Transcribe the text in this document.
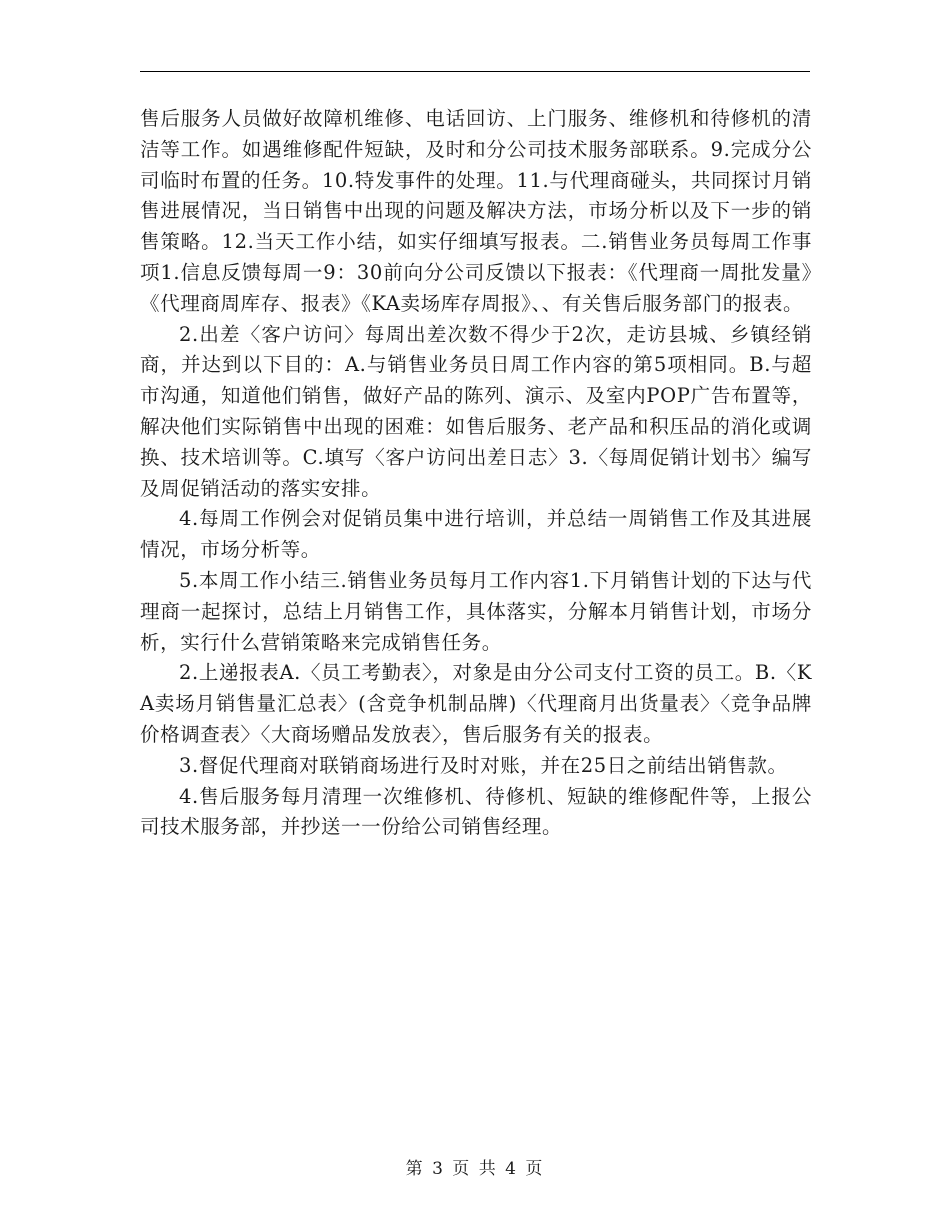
售后服务人员做好故障机维修、电话回访、上门服务、维修机和待修机的清洁等工作。如遇维修配件短缺，及时和分公司技术服务部联系。9.完成分公司临时布置的任务。10.特发事件的处理。11.与代理商碰头，共同探讨月销售进展情况，当日销售中出现的问题及解决方法，市场分析以及下一步的销售策略。12.当天工作小结，如实仔细填写报表。二.销售业务员每周工作事项1.信息反馈每周一9：30前向分公司反馈以下报表：《代理商一周批发量》《代理商周库存、报表》《KA卖场库存周报》、、有关售后服务部门的报表。

2.出差〈客户访问〉每周出差次数不得少于2次，走访县城、乡镇经销商，并达到以下目的：A.与销售业务员日周工作内容的第5项相同。B.与超市沟通，知道他们销售，做好产品的陈列、演示、及室内POP广告布置等，解决他们实际销售中出现的困难：如售后服务、老产品和积压品的消化或调换、技术培训等。C.填写〈客户访问出差日志〉3.〈每周促销计划书〉编写及周促销活动的落实安排。

4.每周工作例会对促销员集中进行培训，并总结一周销售工作及其进展情况，市场分析等。

5.本周工作小结三.销售业务员每月工作内容1.下月销售计划的下达与代理商一起探讨，总结上月销售工作，具体落实，分解本月销售计划，市场分析，实行什么营销策略来完成销售任务。

2.上递报表A.〈员工考勤表〉，对象是由分公司支付工资的员工。B.〈KA卖场月销售量汇总表〉(含竞争机制品牌)〈代理商月出货量表〉〈竞争品牌价格调查表〉〈大商场赠品发放表〉，售后服务有关的报表。

3.督促代理商对联销商场进行及时对账，并在25日之前结出销售款。

4.售后服务每月清理一次维修机、待修机、短缺的维修配件等，上报公司技术服务部，并抄送一一份给公司销售经理。

第 3 页 共 4 页
